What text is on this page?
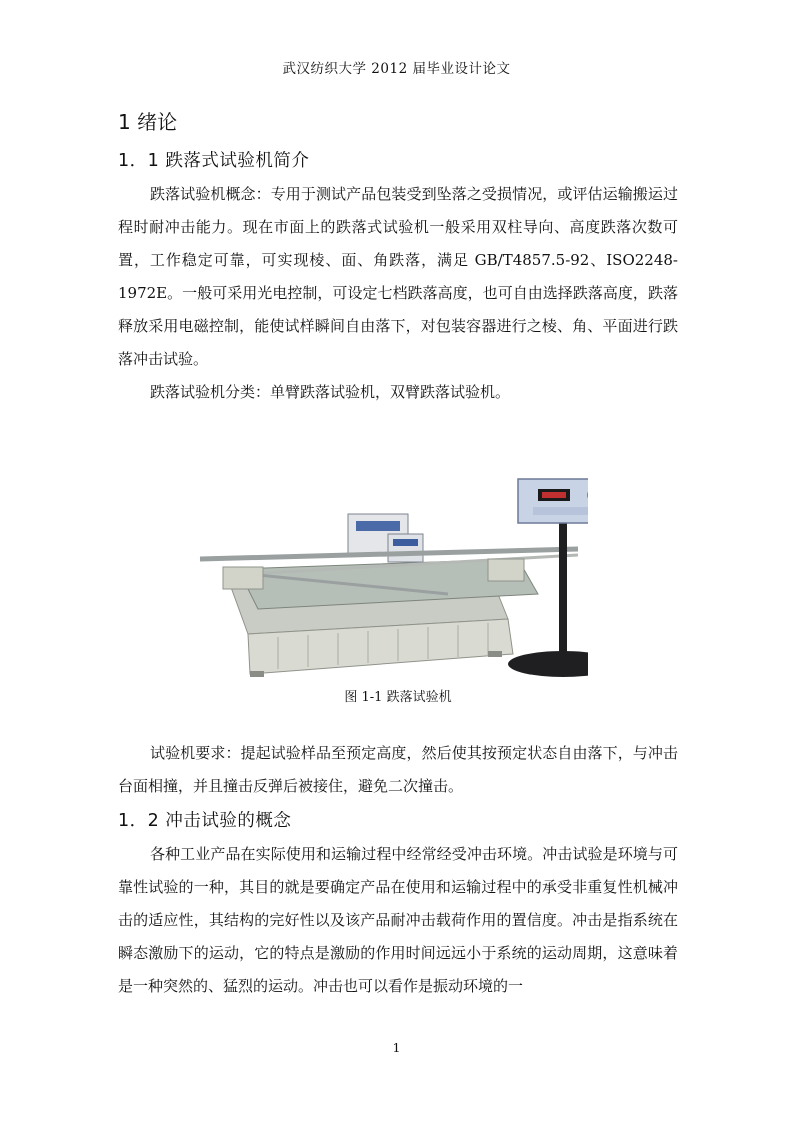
武汉纺织大学 2012 届毕业设计论文
1 绪论
1．1 跌落式试验机简介

跌落试验机概念：专用于测试产品包装受到坠落之受损情况，或评估运输搬运过程时耐冲击能力。现在市面上的跌落式试验机一般采用双柱导向、高度跌落次数可置，工作稳定可靠，可实现棱、面、角跌落，满足 GB/T4857.5-92、ISO2248-1972E。一般可采用光电控制，可设定七档跌落高度，也可自由选择跌落高度，跌落释放采用电磁控制，能使试样瞬间自由落下，对包装容器进行之棱、角、平面进行跌落冲击试验。

跌落试验机分类：单臂跌落试验机，双臂跌落试验机。

图 1-1 跌落试验机

试验机要求：提起试验样品至预定高度，然后使其按预定状态自由落下，与冲击台面相撞，并且撞击反弹后被接住，避免二次撞击。

1．2 冲击试验的概念

各种工业产品在实际使用和运输过程中经常经受冲击环境。冲击试验是环境与可靠性试验的一种，其目的就是要确定产品在使用和运输过程中的承受非重复性机械冲击的适应性，其结构的完好性以及该产品耐冲击载荷作用的置信度。冲击是指系统在瞬态激励下的运动，它的特点是激励的作用时间远远小于系统的运动周期，这意味着是一种突然的、猛烈的运动。冲击也可以看作是振动环境的一

1
